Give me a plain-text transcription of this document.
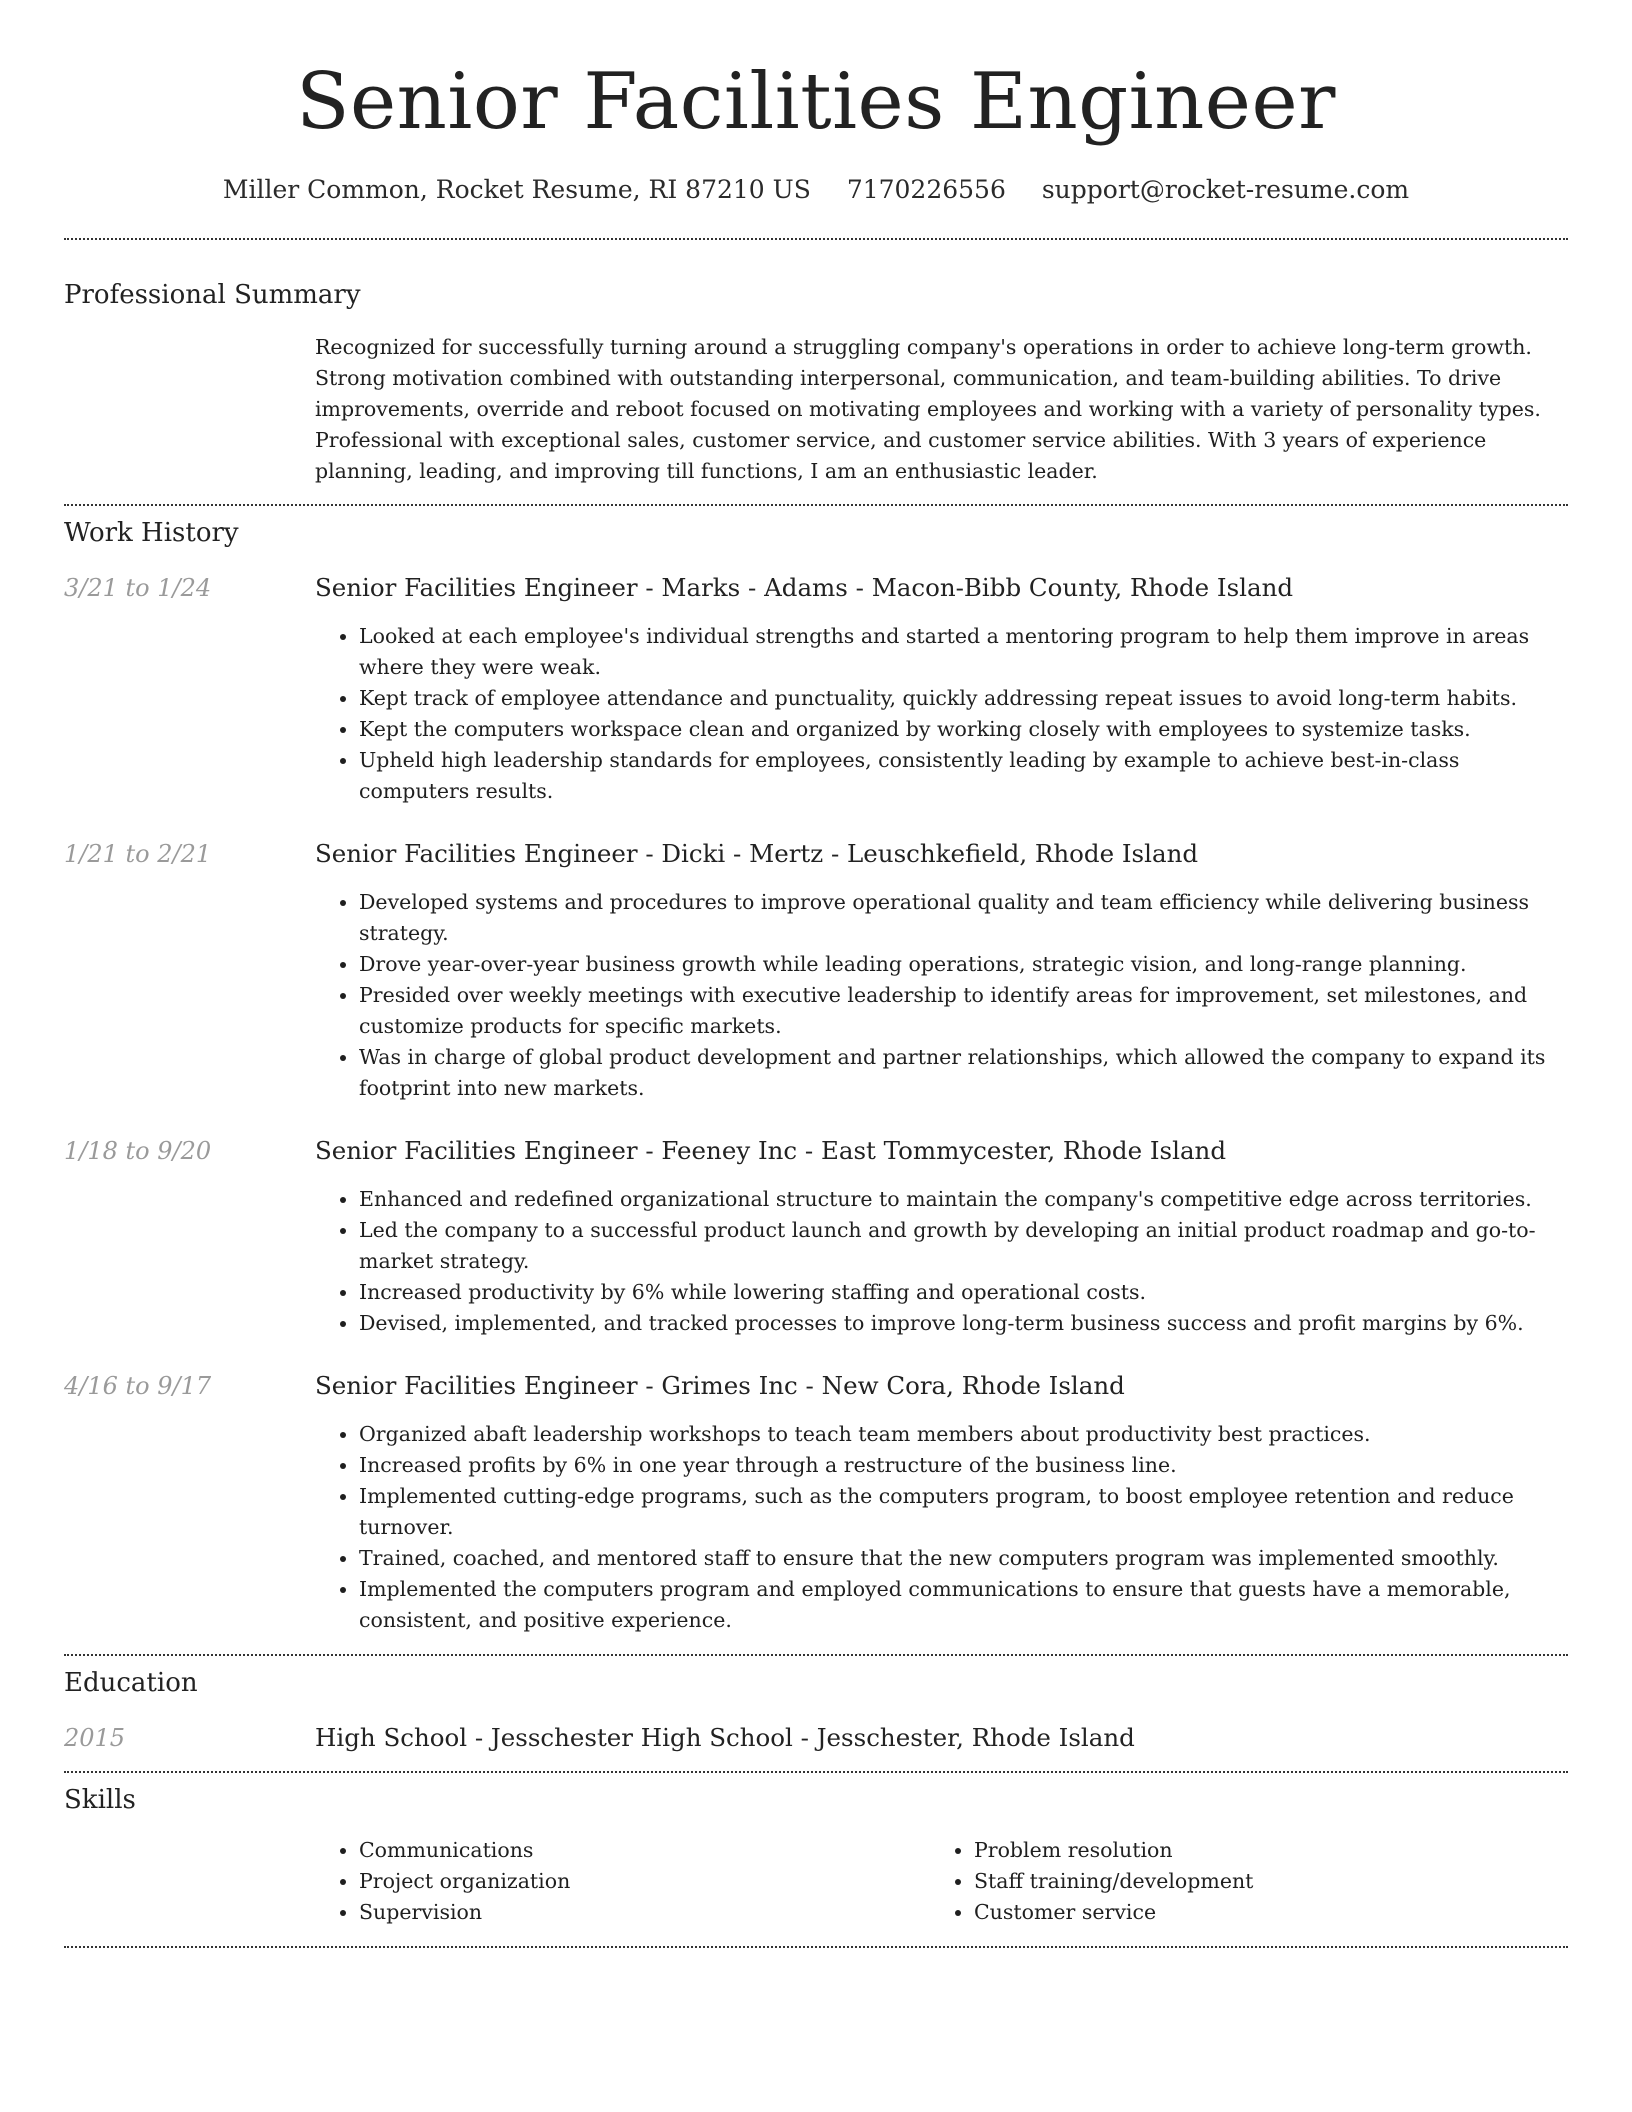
Senior Facilities Engineer
Miller Common, Rocket Resume, RI 87210 US 7170226556 support@rocket-resume.com
Professional Summary
Recognized for successfully turning around a struggling company's operations in order to achieve long-term growth. Strong motivation combined with outstanding interpersonal, communication, and team-building abilities. To drive improvements, override and reboot focused on motivating employees and working with a variety of personality types. Professional with exceptional sales, customer service, and customer service abilities. With 3 years of experience planning, leading, and improving till functions, I am an enthusiastic leader.
Work History
3/21 to 1/24	Senior Facilities Engineer - Marks - Adams - Macon-Bibb County, Rhode Island
• Looked at each employee's individual strengths and started a mentoring program to help them improve in areas where they were weak.
• Kept track of employee attendance and punctuality, quickly addressing repeat issues to avoid long-term habits.
• Kept the computers workspace clean and organized by working closely with employees to systemize tasks.
• Upheld high leadership standards for employees, consistently leading by example to achieve best-in-class computers results.
1/21 to 2/21	Senior Facilities Engineer - Dicki - Mertz - Leuschkefield, Rhode Island
• Developed systems and procedures to improve operational quality and team efficiency while delivering business strategy.
• Drove year-over-year business growth while leading operations, strategic vision, and long-range planning.
• Presided over weekly meetings with executive leadership to identify areas for improvement, set milestones, and customize products for specific markets.
• Was in charge of global product development and partner relationships, which allowed the company to expand its footprint into new markets.
1/18 to 9/20	Senior Facilities Engineer - Feeney Inc - East Tommycester, Rhode Island
• Enhanced and redefined organizational structure to maintain the company's competitive edge across territories.
• Led the company to a successful product launch and growth by developing an initial product roadmap and go-to-market strategy.
• Increased productivity by 6% while lowering staffing and operational costs.
• Devised, implemented, and tracked processes to improve long-term business success and profit margins by 6%.
4/16 to 9/17	Senior Facilities Engineer - Grimes Inc - New Cora, Rhode Island
• Organized abaft leadership workshops to teach team members about productivity best practices.
• Increased profits by 6% in one year through a restructure of the business line.
• Implemented cutting-edge programs, such as the computers program, to boost employee retention and reduce turnover.
• Trained, coached, and mentored staff to ensure that the new computers program was implemented smoothly.
• Implemented the computers program and employed communications to ensure that guests have a memorable, consistent, and positive experience.
Education
2015	High School - Jesschester High School - Jesschester, Rhode Island
Skills
• Communications
• Project organization
• Supervision
• Problem resolution
• Staff training/development
• Customer service
